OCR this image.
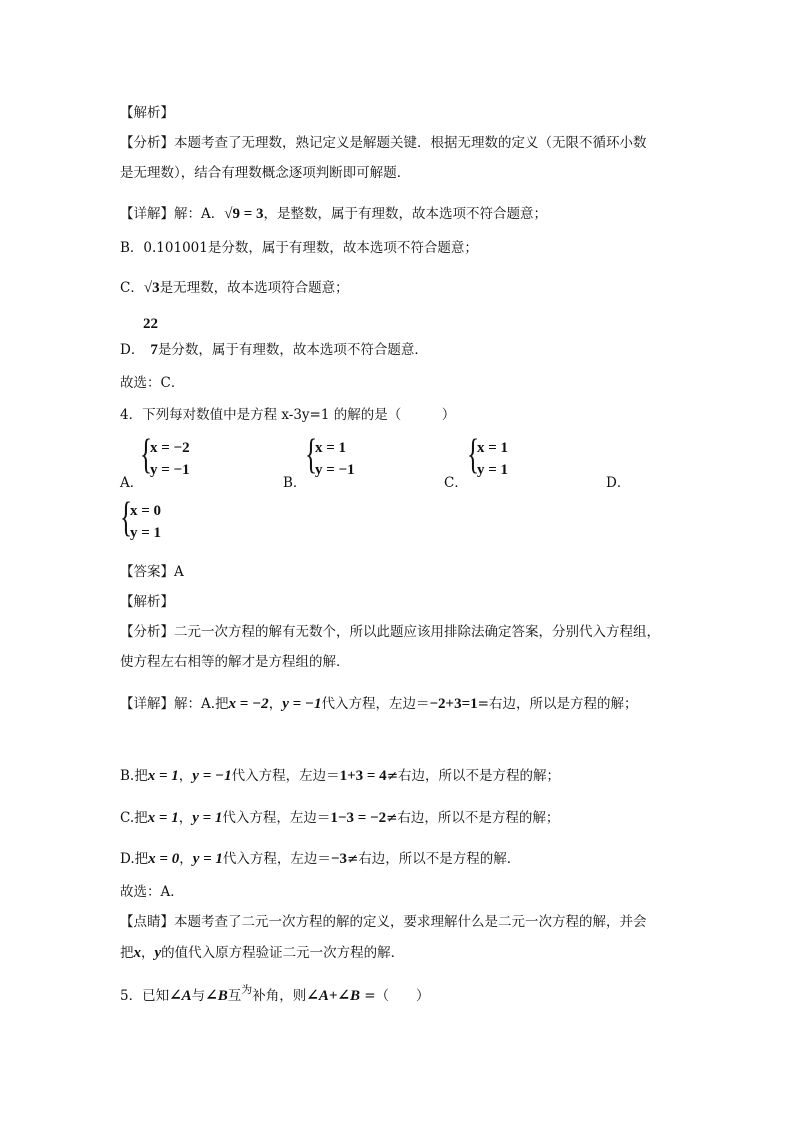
【解析】
【分析】本题考查了无理数，熟记定义是解题关键．根据无理数的定义（无限不循环小数
是无理数），结合有理数概念逐项判断即可解题．
【详解】解：A．√9 = 3，是整数，属于有理数，故本选项不符合题意；
B．0.101001是分数，属于有理数，故本选项不符合题意；
C．√3是无理数，故本选项符合题意；
22
D． 7是分数，属于有理数，故本选项不符合题意．
故选：C．
4．下列每对数值中是方程 x-3y=1 的解的是（　　　）
{
x = −2
y = −1
A．
{
x = 1
y = −1
B．
{
x = 1
y = 1
C．	D．
{
x = 0
y = 1
【答案】A
【解析】
【分析】二元一次方程的解有无数个，所以此题应该用排除法确定答案，分别代入方程组，
使方程左右相等的解才是方程组的解．
【详解】解：A.把x = −2，y = −1代入方程，左边＝−2+3=1=右边，所以是方程的解；
B.把x = 1，y = −1代入方程，左边＝1+3 = 4≠右边，所以不是方程的解；
C.把x = 1，y = 1代入方程，左边＝1−3 = −2≠右边，所以不是方程的解；
D.把x = 0，y = 1代入方程，左边＝−3≠右边，所以不是方程的解．
故选：A．
【点睛】本题考查了二元一次方程的解的定义，要求理解什么是二元一次方程的解，并会
把x，y的值代入原方程验证二元一次方程的解．
5．已知∠A与∠B互$^为$补角，则∠A+∠B =（　　）
